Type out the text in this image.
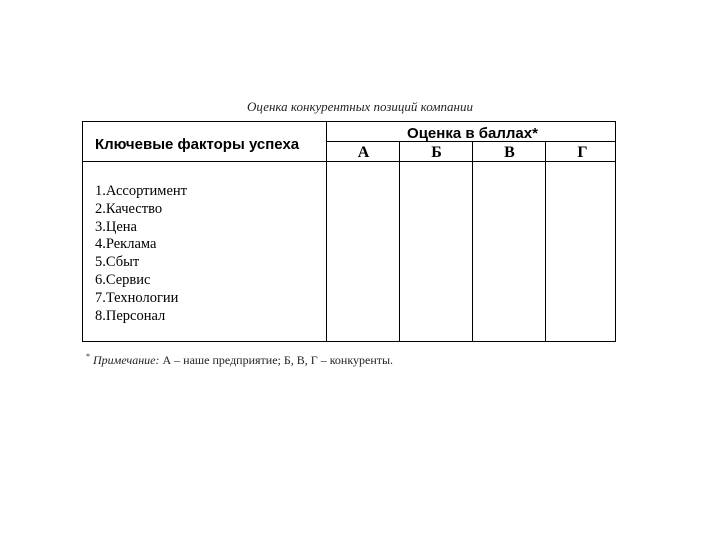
Оценка конкурентных позиций компании
Ключевые факторы успеха
Оценка в баллах*
А	Б	В	Г
1.Ассортимент
2.Качество
3.Цена
4.Реклама
5.Сбыт
6.Сервис
7.Технологии
8.Персонал
* Примечание: А – наше предприятие; Б, В, Г – конкуренты.
